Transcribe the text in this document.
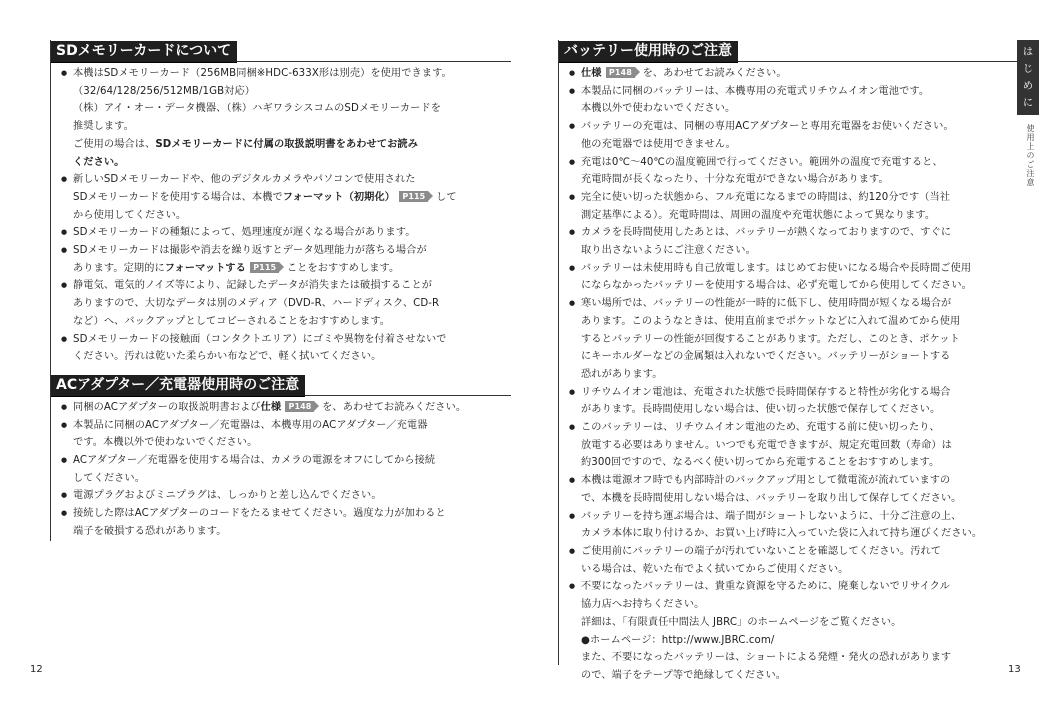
SDメモリーカードについて
● 本機はSDメモリーカード（256MB同梱※HDC-633X形は別売）を使用できます。
（32/64/128/256/512MB/1GB対応）
（株）アイ・オー・データ機器、（株）ハギワラシスコムのSDメモリーカードを
推奨します。
ご使用の場合は、SDメモリーカードに付属の取扱説明書をあわせてお読み
ください。
● 新しいSDメモリーカードや、他のデジタルカメラやパソコンで使用された
SDメモリーカードを使用する場合は、本機でフォーマット（初期化） P115 して
から使用してください。
● SDメモリーカードの種類によって、処理速度が遅くなる場合があります。
● SDメモリーカードは撮影や消去を繰り返すとデータ処理能力が落ちる場合が
あります。定期的にフォーマットする P115 ことをおすすめします。
● 静電気、電気的ノイズ等により、記録したデータが消失または破損することが
ありますので、大切なデータは別のメディア（DVD-R、ハードディスク、CD-R
など）へ、バックアップとしてコピーされることをおすすめします。
● SDメモリーカードの接触面（コンタクトエリア）にゴミや異物を付着させないで
ください。汚れは乾いた柔らかい布などで、軽く拭いてください。
ACアダプター／充電器使用時のご注意
● 同梱のACアダプターの取扱説明書および仕様 P148 を、あわせてお読みください。
● 本製品に同梱のACアダプター／充電器は、本機専用のACアダプター／充電器
です。本機以外で使わないでください。
● ACアダプター／充電器を使用する場合は、カメラの電源をオフにしてから接続
してください。
● 電源プラグおよびミニプラグは、しっかりと差し込んでください。
● 接続した際はACアダプターのコードをたるませてください。過度な力が加わると
端子を破損する恐れがあります。
バッテリー使用時のご注意
● 仕様 P148 を、あわせてお読みください。
● 本製品に同梱のバッテリーは、本機専用の充電式リチウムイオン電池です。
本機以外で使わないでください。
● バッテリーの充電は、同梱の専用ACアダプターと専用充電器をお使いください。
他の充電器では使用できません。
● 充電は0℃〜40℃の温度範囲で行ってください。範囲外の温度で充電すると、
充電時間が長くなったり、十分な充電ができない場合があります。
● 完全に使い切った状態から、フル充電になるまでの時間は、約120分です（当社
測定基準による）。充電時間は、周囲の温度や充電状態によって異なります。
● カメラを長時間使用したあとは、バッテリーが熱くなっておりますので、すぐに
取り出さないようにご注意ください。
● バッテリーは未使用時も自己放電します。はじめてお使いになる場合や長時間ご使用
にならなかったバッテリーを使用する場合は、必ず充電してから使用してください。
● 寒い場所では、バッテリーの性能が一時的に低下し、使用時間が短くなる場合が
あります。このようなときは、使用直前までポケットなどに入れて温めてから使用
するとバッテリーの性能が回復することがあります。ただし、このとき、ポケット
にキーホルダーなどの金属類は入れないでください。バッテリーがショートする
恐れがあります。
● リチウムイオン電池は、充電された状態で長時間保存すると特性が劣化する場合
があります。長時間使用しない場合は、使い切った状態で保存してください。
● このバッテリーは、リチウムイオン電池のため、充電する前に使い切ったり、
放電する必要はありません。いつでも充電できますが、規定充電回数（寿命）は
約300回ですので、なるべく使い切ってから充電することをおすすめします。
● 本機は電源オフ時でも内部時計のバックアップ用として微電流が流れていますの
で、本機を長時間使用しない場合は、バッテリーを取り出して保存してください。
● バッテリーを持ち運ぶ場合は、端子間がショートしないように、十分ご注意の上、
カメラ本体に取り付けるか、お買い上げ時に入っていた袋に入れて持ち運びください。
● ご使用前にバッテリーの端子が汚れていないことを確認してください。汚れて
いる場合は、乾いた布でよく拭いてからご使用ください。
● 不要になったバッテリーは、貴重な資源を守るために、廃棄しないでリサイクル
協力店へお持ちください。
詳細は、「有限責任中間法人 JBRC」のホームページをご覧ください。
●ホームページ：http://www.JBRC.com/
また、不要になったバッテリーは、ショートによる発煙・発火の恐れがあります
ので、端子をテープ等で絶縁してください。
は
じ
め
に
使用上のご注意
12	13
